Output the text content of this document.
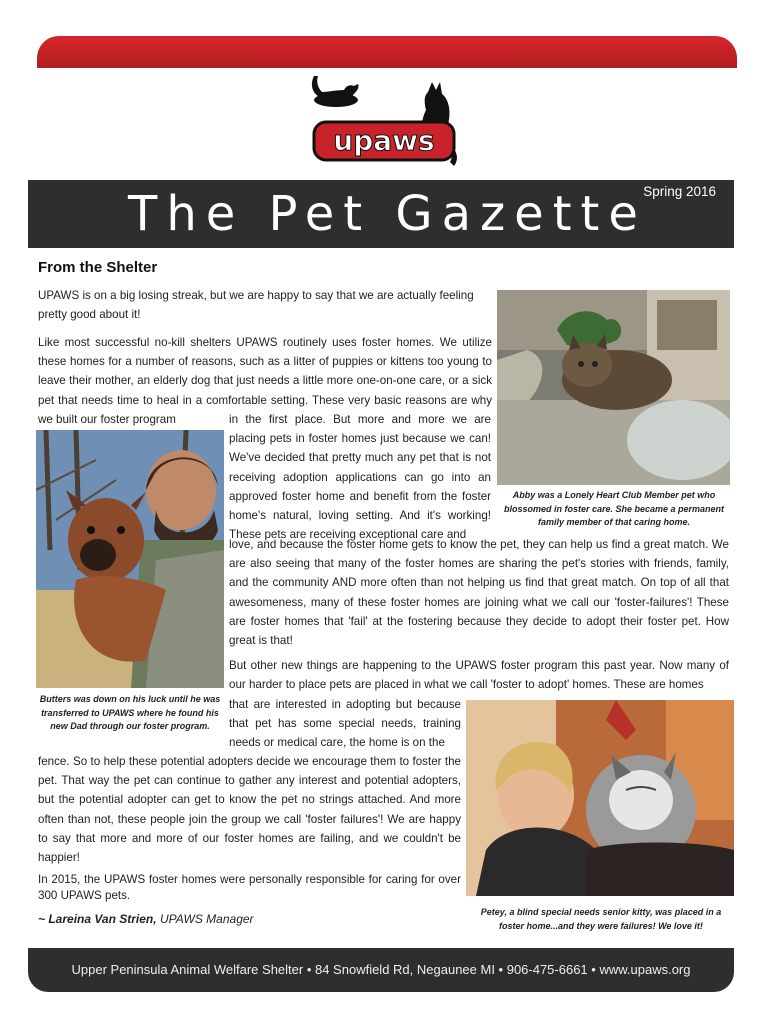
upaws
The Pet Gazette
Spring 2016
From the Shelter

UPAWS is on a big losing streak, but we are happy to say that we are actually feeling pretty good about it!

Like most successful no-kill shelters UPAWS routinely uses foster homes. We utilize these homes for a number of reasons, such as a litter of puppies or kittens too young to leave their mother, an elderly dog that just needs a little more one-on-one care, or a sick pet that needs time to heal in a comfortable setting. These very basic reasons are why we built our foster program

Abby was a Lonely Heart Club Member pet who blossomed in foster care. She became a permanent family member of that caring home.

Butters was down on his luck until he was transferred to UPAWS where he found his new Dad through our foster program.

in the first place. But more and more we are placing pets in foster homes just because we can! We've decided that pretty much any pet that is not receiving adoption applications can go into an approved foster home and benefit from the foster home's natural, loving setting. And it's working! These pets are receiving exceptional care and

love, and because the foster home gets to know the pet, they can help us find a great match. We are also seeing that many of the foster homes are sharing the pet's stories with friends, family, and the community AND more often than not helping us find that great match. On top of all that awesomeness, many of these foster homes are joining what we call our 'foster-failures'! These are foster homes that 'fail' at the fostering because they decide to adopt their foster pet. How great is that!

But other new things are happening to the UPAWS foster program this past year. Now many of our harder to place pets are placed in what we call 'foster to adopt' homes. These are homes

that are interested in adopting but because that pet has some special needs, training needs or medical care, the home is on the

fence. So to help these potential adopters decide we encourage them to foster the pet. That way the pet can continue to gather any interest and potential adopters, but the potential adopter can get to know the pet no strings attached. And more often than not, these people join the group we call 'foster failures'! We are happy to say that more and more of our foster homes are failing, and we couldn't be happier!

Petey, a blind special needs senior kitty, was placed in a foster home...and they were failures! We love it!

In 2015, the UPAWS foster homes were personally responsible for caring for over 300 UPAWS pets.

~ Lareina Van Strien, UPAWS Manager
Upper Peninsula Animal Welfare Shelter • 84 Snowfield Rd, Negaunee MI • 906-475-6661 • www.upaws.org
